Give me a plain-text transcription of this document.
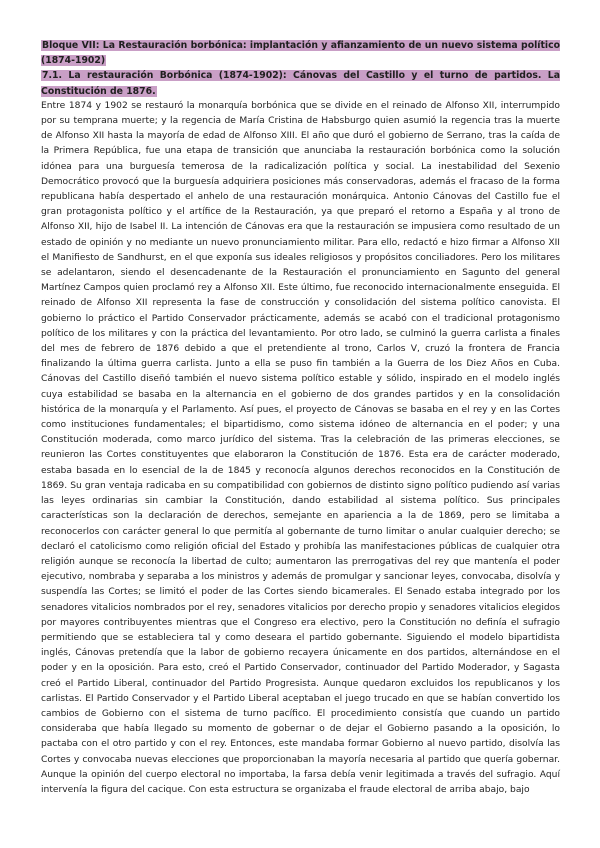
Bloque VII: La Restauración borbónica: implantación y afianzamiento de un nuevo sistema político (1874-1902)

7.1. La restauración Borbónica (1874-1902): Cánovas del Castillo y el turno de partidos. La Constitución de 1876.

Entre 1874 y 1902 se restauró la monarquía borbónica que se divide en el reinado de Alfonso XII, interrumpido por su temprana muerte; y la regencia de María Cristina de Habsburgo quien asumió la regencia tras la muerte de Alfonso XII hasta la mayoría de edad de Alfonso XIII. El año que duró el gobierno de Serrano, tras la caída de la Primera República, fue una etapa de transición que anunciaba la restauración borbónica como la solución idónea para una burguesía temerosa de la radicalización política y social. La inestabilidad del Sexenio Democrático provocó que la burguesía adquiriera posiciones más conservadoras, además el fracaso de la forma republicana había despertado el anhelo de una restauración monárquica. Antonio Cánovas del Castillo fue el gran protagonista político y el artífice de la Restauración, ya que preparó el retorno a España y al trono de Alfonso XII, hijo de Isabel II. La intención de Cánovas era que la restauración se impusiera como resultado de un estado de opinión y no mediante un nuevo pronunciamiento militar. Para ello, redactó e hizo firmar a Alfonso XII el Manifiesto de Sandhurst, en el que exponía sus ideales religiosos y propósitos conciliadores. Pero los militares se adelantaron, siendo el desencadenante de la Restauración el pronunciamiento en Sagunto del general Martínez Campos quien proclamó rey a Alfonso XII. Este último, fue reconocido internacionalmente enseguida. El reinado de Alfonso XII representa la fase de construcción y consolidación del sistema político canovista. El gobierno lo práctico el Partido Conservador prácticamente, además se acabó con el tradicional protagonismo político de los militares y con la práctica del levantamiento. Por otro lado, se culminó la guerra carlista a finales del mes de febrero de 1876 debido a que el pretendiente al trono, Carlos V, cruzó la frontera de Francia finalizando la última guerra carlista. Junto a ella se puso fin también a la Guerra de los Diez Años en Cuba. Cánovas del Castillo diseñó también el nuevo sistema político estable y sólido, inspirado en el modelo inglés cuya estabilidad se basaba en la alternancia en el gobierno de dos grandes partidos y en la consolidación histórica de la monarquía y el Parlamento. Así pues, el proyecto de Cánovas se basaba en el rey y en las Cortes como instituciones fundamentales; el bipartidismo, como sistema idóneo de alternancia en el poder; y una Constitución moderada, como marco jurídico del sistema. Tras la celebración de las primeras elecciones, se reunieron las Cortes constituyentes que elaboraron la Constitución de 1876. Esta era de carácter moderado, estaba basada en lo esencial de la de 1845 y reconocía algunos derechos reconocidos en la Constitución de 1869. Su gran ventaja radicaba en su compatibilidad con gobiernos de distinto signo político pudiendo así varias las leyes ordinarias sin cambiar la Constitución, dando estabilidad al sistema político. Sus principales características son la declaración de derechos, semejante en apariencia a la de 1869, pero se limitaba a reconocerlos con carácter general lo que permitía al gobernante de turno limitar o anular cualquier derecho; se declaró el catolicismo como religión oficial del Estado y prohibía las manifestaciones públicas de cualquier otra religión aunque se reconocía la libertad de culto; aumentaron las prerrogativas del rey que mantenía el poder ejecutivo, nombraba y separaba a los ministros y además de promulgar y sancionar leyes, convocaba, disolvía y suspendía las Cortes; se limitó el poder de las Cortes siendo bicamerales. El Senado estaba integrado por los senadores vitalicios nombrados por el rey, senadores vitalicios por derecho propio y senadores vitalicios elegidos por mayores contribuyentes mientras que el Congreso era electivo, pero la Constitución no definía el sufragio permitiendo que se estableciera tal y como deseara el partido gobernante. Siguiendo el modelo bipartidista inglés, Cánovas pretendía que la labor de gobierno recayera únicamente en dos partidos, alternándose en el poder y en la oposición. Para esto, creó el Partido Conservador, continuador del Partido Moderador, y Sagasta creó el Partido Liberal, continuador del Partido Progresista. Aunque quedaron excluidos los republicanos y los carlistas. El Partido Conservador y el Partido Liberal aceptaban el juego trucado en que se habían convertido los cambios de Gobierno con el sistema de turno pacífico. El procedimiento consistía que cuando un partido consideraba que había llegado su momento de gobernar o de dejar el Gobierno pasando a la oposición, lo pactaba con el otro partido y con el rey. Entonces, este mandaba formar Gobierno al nuevo partido, disolvía las Cortes y convocaba nuevas elecciones que proporcionaban la mayoría necesaria al partido que quería gobernar. Aunque la opinión del cuerpo electoral no importaba, la farsa debía venir legitimada a través del sufragio. Aquí intervenía la figura del cacique. Con esta estructura se organizaba el fraude electoral de arriba abajo, bajo
